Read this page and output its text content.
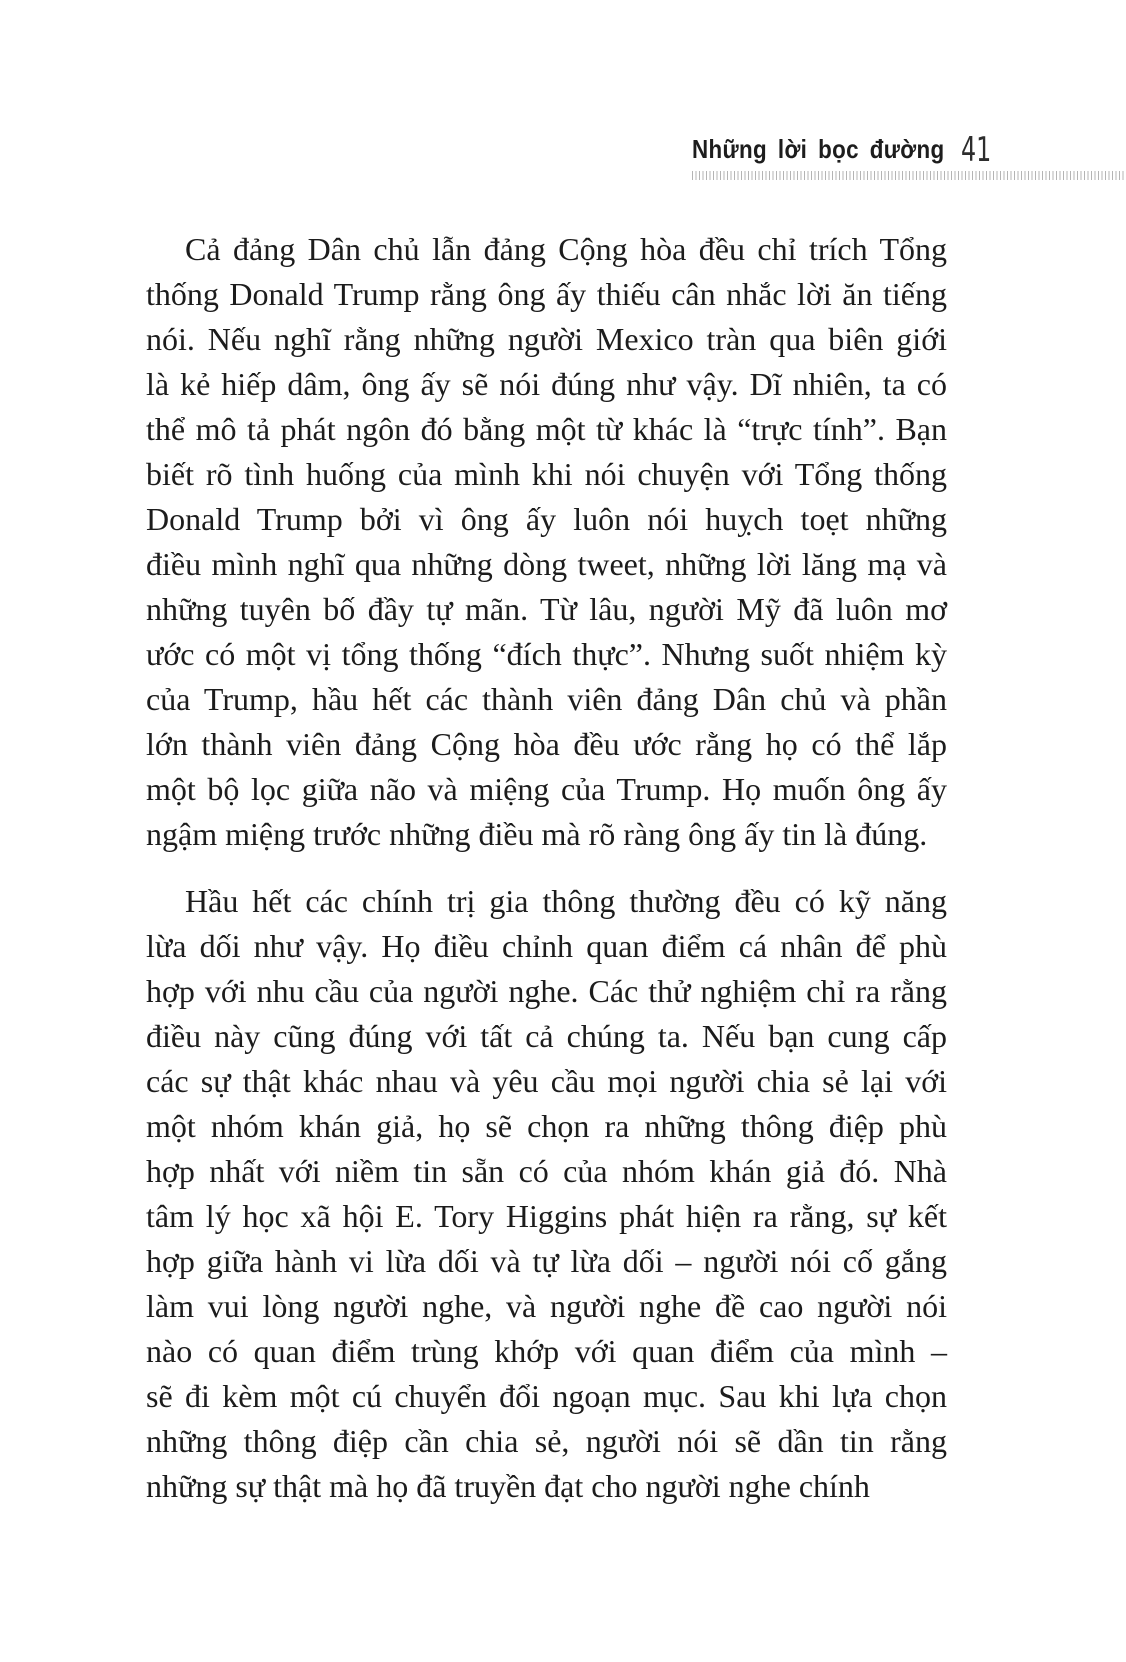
Những lời bọc đường 41

Cả đảng Dân chủ lẫn đảng Cộng hòa đều chỉ trích Tổng
thống Donald Trump rằng ông ấy thiếu cân nhắc lời ăn tiếng
nói. Nếu nghĩ rằng những người Mexico tràn qua biên giới
là kẻ hiếp dâm, ông ấy sẽ nói đúng như vậy. Dĩ nhiên, ta có
thể mô tả phát ngôn đó bằng một từ khác là “trực tính”. Bạn
biết rõ tình huống của mình khi nói chuyện với Tổng thống
Donald Trump bởi vì ông ấy luôn nói huỵch toẹt những
điều mình nghĩ qua những dòng tweet, những lời lăng mạ và
những tuyên bố đầy tự mãn. Từ lâu, người Mỹ đã luôn mơ
ước có một vị tổng thống “đích thực”. Nhưng suốt nhiệm kỳ
của Trump, hầu hết các thành viên đảng Dân chủ và phần
lớn thành viên đảng Cộng hòa đều ước rằng họ có thể lắp
một bộ lọc giữa não và miệng của Trump. Họ muốn ông ấy
ngậm miệng trước những điều mà rõ ràng ông ấy tin là đúng.

Hầu hết các chính trị gia thông thường đều có kỹ năng
lừa dối như vậy. Họ điều chỉnh quan điểm cá nhân để phù
hợp với nhu cầu của người nghe. Các thử nghiệm chỉ ra rằng
điều này cũng đúng với tất cả chúng ta. Nếu bạn cung cấp
các sự thật khác nhau và yêu cầu mọi người chia sẻ lại với
một nhóm khán giả, họ sẽ chọn ra những thông điệp phù
hợp nhất với niềm tin sẵn có của nhóm khán giả đó. Nhà
tâm lý học xã hội E. Tory Higgins phát hiện ra rằng, sự kết
hợp giữa hành vi lừa dối và tự lừa dối – người nói cố gắng
làm vui lòng người nghe, và người nghe đề cao người nói
nào có quan điểm trùng khớp với quan điểm của mình –
sẽ đi kèm một cú chuyển đổi ngoạn mục. Sau khi lựa chọn
những thông điệp cần chia sẻ, người nói sẽ dần tin rằng
những sự thật mà họ đã truyền đạt cho người nghe chính
